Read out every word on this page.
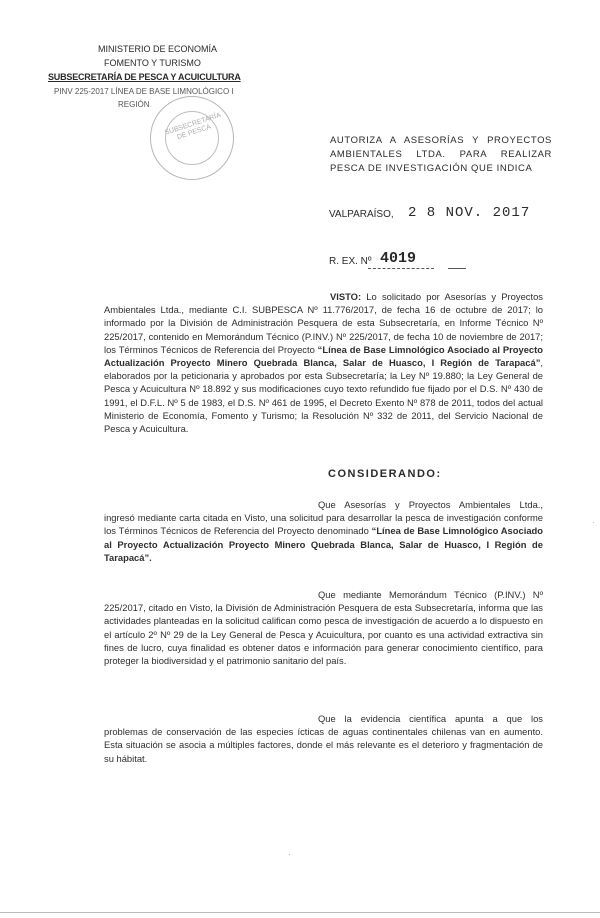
MINISTERIO DE ECONOMÍA
FOMENTO Y TURISMO
SUBSECRETARÍA DE PESCA Y ACUICULTURA
PINV 225-2017 LÍNEA DE BASE LIMNOLÓGICO I
REGIÓN
SUBSECRETARÍA DE PESCA	AUTORIZA A ASESORÍAS Y PROYECTOS AMBIENTALES LTDA. PARA REALIZAR PESCA DE INVESTIGACIÓN QUE INDICA
VALPARAÍSO, 2 8 NOV. 2017
R. EX. Nº 4019
VISTO: Lo solicitado por Asesorías y Proyectos Ambientales Ltda., mediante C.I. SUBPESCA Nº 11.776/2017, de fecha 16 de octubre de 2017; lo informado por la División de Administración Pesquera de esta Subsecretaría, en Informe Técnico Nº 225/2017, contenido en Memorándum Técnico (P.INV.) Nº 225/2017, de fecha 10 de noviembre de 2017; los Términos Técnicos de Referencia del Proyecto “Línea de Base Limnológico Asociado al Proyecto Actualización Proyecto Minero Quebrada Blanca, Salar de Huasco, I Región de Tarapacá”, elaborados por la peticionaria y aprobados por esta Subsecretaría; la Ley Nº 19.880; la Ley General de Pesca y Acuicultura Nº 18.892 y sus modificaciones cuyo texto refundido fue fijado por el D.S. Nº 430 de 1991, el D.F.L. Nº 5 de 1983, el D.S. Nº 461 de 1995, el Decreto Exento Nº 878 de 2011, todos del actual Ministerio de Economía, Fomento y Turismo; la Resolución Nº 332 de 2011, del Servicio Nacional de Pesca y Acuicultura.
CONSIDERANDO:
Que Asesorías y Proyectos Ambientales Ltda., ingresó mediante carta citada en Visto, una solicitud para desarrollar la pesca de investigación conforme los Términos Técnicos de Referencia del Proyecto denominado “Línea de Base Limnológico Asociado al Proyecto Actualización Proyecto Minero Quebrada Blanca, Salar de Huasco, I Región de Tarapacá”.
Que mediante Memorándum Técnico (P.INV.) Nº 225/2017, citado en Visto, la División de Administración Pesquera de esta Subsecretaría, informa que las actividades planteadas en la solicitud califican como pesca de investigación de acuerdo a lo dispuesto en el artículo 2º Nº 29 de la Ley General de Pesca y Acuicultura, por cuanto es una actividad extractiva sin fines de lucro, cuya finalidad es obtener datos e información para generar conocimiento científico, para proteger la biodiversidad y el patrimonio sanitario del país.
Que la evidencia científica apunta a que los problemas de conservación de las especies ícticas de aguas continentales chilenas van en aumento. Esta situación se asocia a múltiples factores, donde el más relevante es el deterioro y fragmentación de su hábitat.
·
·
